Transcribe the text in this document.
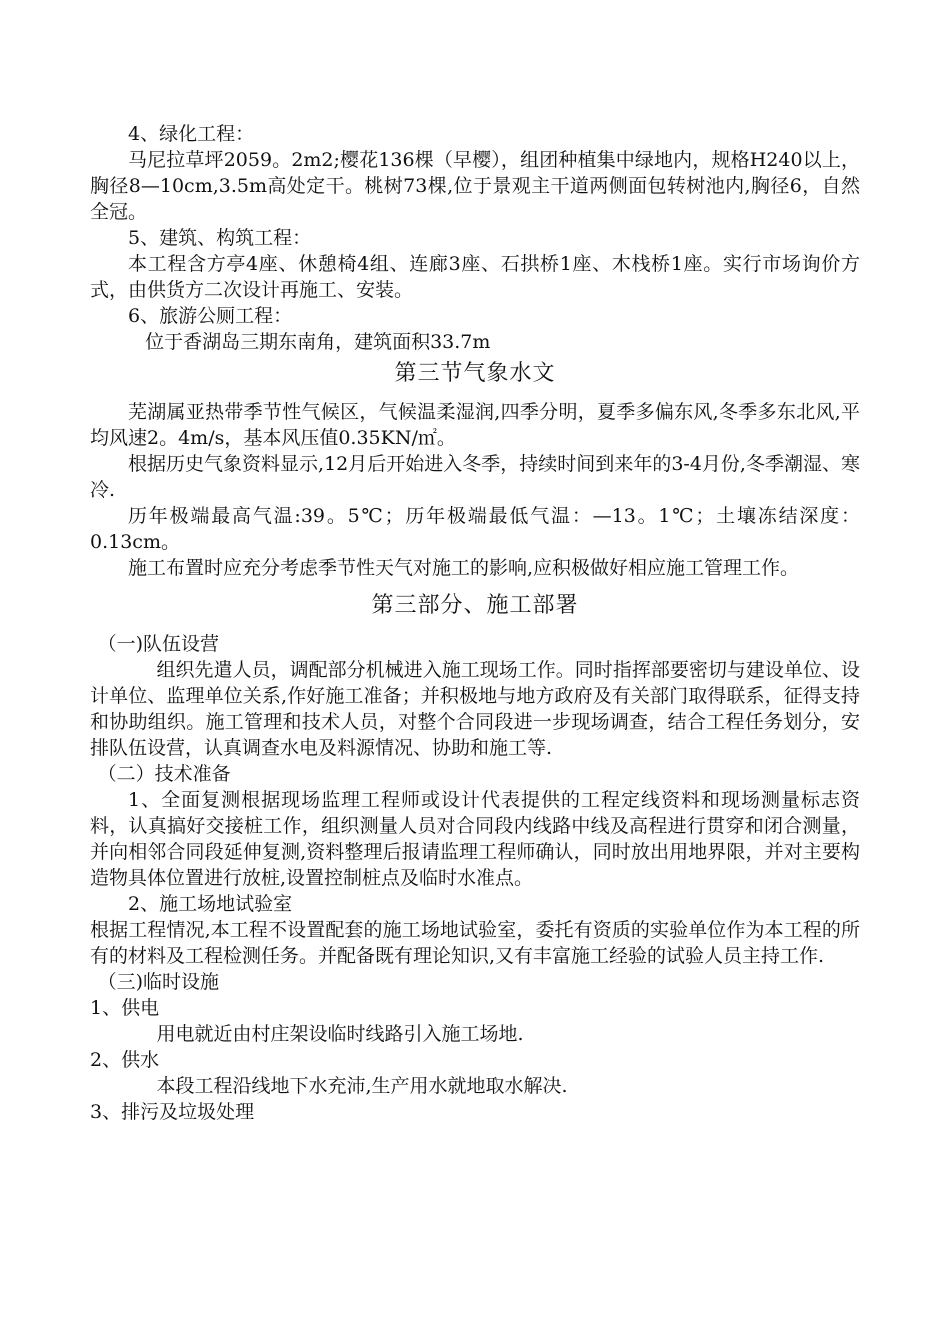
4、绿化工程：

马尼拉草坪2059。2m2;樱花136棵（早樱），组团种植集中绿地内，规格H240以上，胸径8—10cm,3.5m高处定干。桃树73棵,位于景观主干道两侧面包转树池内,胸径6，自然全冠。

5、建筑、构筑工程：

本工程含方亭4座、休憩椅4组、连廊3座、石拱桥1座、木栈桥1座。实行市场询价方式，由供货方二次设计再施工、安装。

6、旅游公厕工程：

位于香湖岛三期东南角，建筑面积33.7m

第三节气象水文

芜湖属亚热带季节性气候区，气候温柔湿润,四季分明，夏季多偏东风,冬季多东北风,平均风速2。4m/s，基本风压值0.35KN/㎡。

根据历史气象资料显示,12月后开始进入冬季，持续时间到来年的3-4月份,冬季潮湿、寒冷.

历年极端最高气温:39。5℃；历年极端最低气温：—13。1℃；土壤冻结深度：0.13cm。

施工布置时应充分考虑季节性天气对施工的影响,应积极做好相应施工管理工作。

第三部分、施工部署

（一)队伍设营

组织先遣人员，调配部分机械进入施工现场工作。同时指挥部要密切与建设单位、设计单位、监理单位关系,作好施工准备；并积极地与地方政府及有关部门取得联系，征得支持和协助组织。施工管理和技术人员，对整个合同段进一步现场调查，结合工程任务划分，安排队伍设营，认真调查水电及料源情况、协助和施工等.

（二）技术准备

1、全面复测根据现场监理工程师或设计代表提供的工程定线资料和现场测量标志资料，认真搞好交接桩工作，组织测量人员对合同段内线路中线及高程进行贯穿和闭合测量，并向相邻合同段延伸复测,资料整理后报请监理工程师确认，同时放出用地界限，并对主要构造物具体位置进行放桩,设置控制桩点及临时水准点。

2、施工场地试验室

根据工程情况,本工程不设置配套的施工场地试验室，委托有资质的实验单位作为本工程的所有的材料及工程检测任务。并配备既有理论知识,又有丰富施工经验的试验人员主持工作.

（三)临时设施

1、供电

用电就近由村庄架设临时线路引入施工场地.

2、供水

本段工程沿线地下水充沛,生产用水就地取水解决.

3、排污及垃圾处理
